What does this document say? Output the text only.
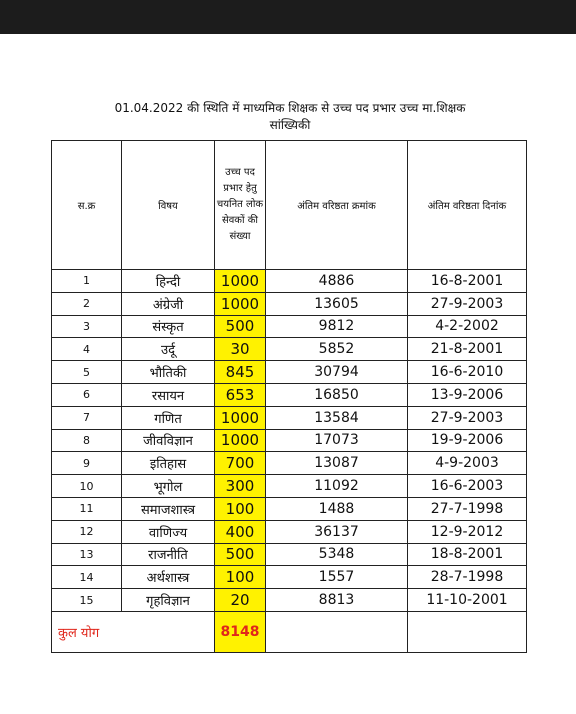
01.04.2022 की स्थिति में माध्यमिक शिक्षक से उच्च पद प्रभार उच्च मा.शिक्षक
सांख्यिकी
स.क्र	विषय	उच्च पद प्रभार हेतु चयनित लोक सेवकों की संख्या	अंतिम वरिष्ठता क्रमांक	अंतिम वरिष्ठता दिनांक
1	हिन्दी	1000	4886	16-8-2001
2	अंग्रेजी	1000	13605	27-9-2003
3	संस्कृत	500	9812	4-2-2002
4	उर्दू	30	5852	21-8-2001
5	भौतिकी	845	30794	16-6-2010
6	रसायन	653	16850	13-9-2006
7	गणित	1000	13584	27-9-2003
8	जीवविज्ञान	1000	17073	19-9-2006
9	इतिहास	700	13087	4-9-2003
10	भूगोल	300	11092	16-6-2003
11	समाजशास्त्र	100	1488	27-7-1998
12	वाणिज्य	400	36137	12-9-2012
13	राजनीति	500	5348	18-8-2001
14	अर्थशास्त्र	100	1557	28-7-1998
15	गृहविज्ञान	20	8813	11-10-2001
कुल योग		8148		
